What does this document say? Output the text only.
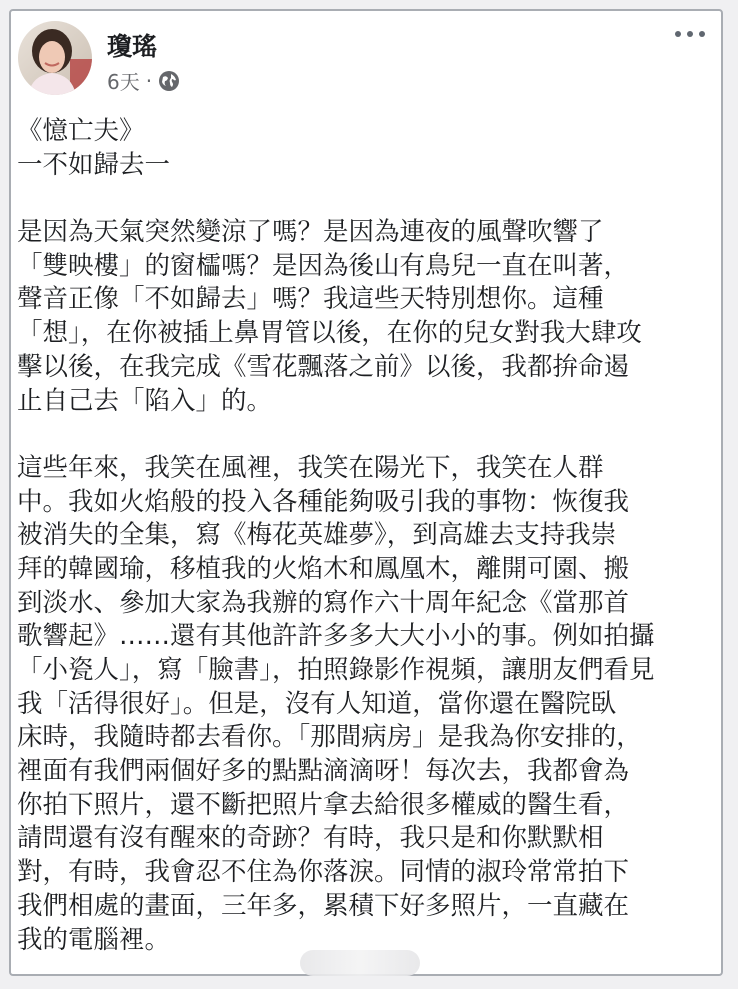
瓊瑤
6天 ·
《憶亡夫》
一不如歸去一
是因為天氣突然變涼了嗎？是因為連夜的風聲吹響了
「雙映樓」的窗櫺嗎？是因為後山有鳥兒一直在叫著，
聲音正像「不如歸去」嗎？我這些天特別想你。這種
「想」，在你被插上鼻胃管以後，在你的兒女對我大肆攻
擊以後，在我完成《雪花飄落之前》以後，我都拚命遏
止自己去「陷入」的。
這些年來，我笑在風裡，我笑在陽光下，我笑在人群
中。我如火焰般的投入各種能夠吸引我的事物：恢復我
被消失的全集，寫《梅花英雄夢》，到高雄去支持我崇
拜的韓國瑜，移植我的火焰木和鳳凰木，離開可園、搬
到淡水、參加大家為我辦的寫作六十周年紀念《當那首
歌響起》……還有其他許許多多大大小小的事。例如拍攝
「小瓷人」，寫「臉書」，拍照錄影作視頻，讓朋友們看見
我「活得很好」。但是，沒有人知道，當你還在醫院臥
床時，我隨時都去看你。「那間病房」是我為你安排的，
裡面有我們兩個好多的點點滴滴呀！每次去，我都會為
你拍下照片，還不斷把照片拿去給很多權威的醫生看，
請問還有沒有醒來的奇跡？有時，我只是和你默默相
對，有時，我會忍不住為你落淚。同情的淑玲常常拍下
我們相處的畫面，三年多，累積下好多照片，一直藏在
我的電腦裡。
